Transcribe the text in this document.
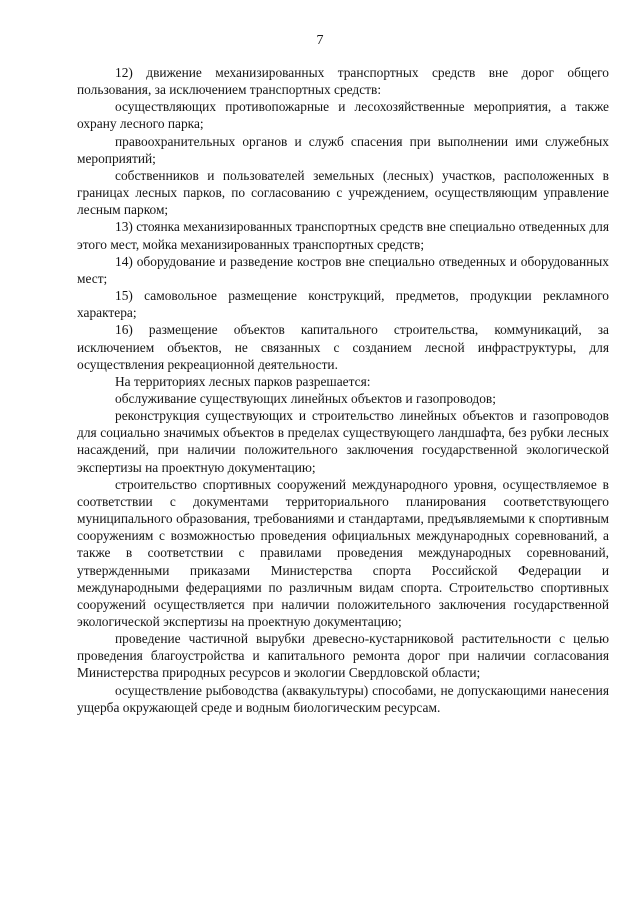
7

12) движение механизированных транспортных средств вне дорог общего пользования, за исключением транспортных средств:

осуществляющих противопожарные и лесохозяйственные мероприятия, а также охрану лесного парка;

правоохранительных органов и служб спасения при выполнении ими служебных мероприятий;

собственников и пользователей земельных (лесных) участков, расположенных в границах лесных парков, по согласованию с учреждением, осуществляющим управление лесным парком;

13) стоянка механизированных транспортных средств вне специально отведенных для этого мест, мойка механизированных транспортных средств;

14) оборудование и разведение костров вне специально отведенных и оборудованных мест;

15) самовольное размещение конструкций, предметов, продукции рекламного характера;

16) размещение объектов капитального строительства, коммуникаций, за исключением объектов, не связанных с созданием лесной инфраструктуры, для осуществления рекреационной деятельности.

На территориях лесных парков разрешается:

обслуживание существующих линейных объектов и газопроводов;

реконструкция существующих и строительство линейных объектов и газопроводов для социально значимых объектов в пределах существующего ландшафта, без рубки лесных насаждений, при наличии положительного заключения государственной экологической экспертизы на проектную документацию;

строительство спортивных сооружений международного уровня, осуществляемое в соответствии с документами территориального планирования соответствующего муниципального образования, требованиями и стандартами, предъявляемыми к спортивным сооружениям с возможностью проведения официальных международных соревнований, а также в соответствии с правилами проведения международных соревнований, утвержденными приказами Министерства спорта Российской Федерации и международными федерациями по различным видам спорта. Строительство спортивных сооружений осуществляется при наличии положительного заключения государственной экологической экспертизы на проектную документацию;

проведение частичной вырубки древесно-кустарниковой растительности с целью проведения благоустройства и капитального ремонта дорог при наличии согласования Министерства природных ресурсов и экологии Свердловской области;

осуществление рыбоводства (аквакультуры) способами, не допускающими нанесения ущерба окружающей среде и водным биологическим ресурсам.
